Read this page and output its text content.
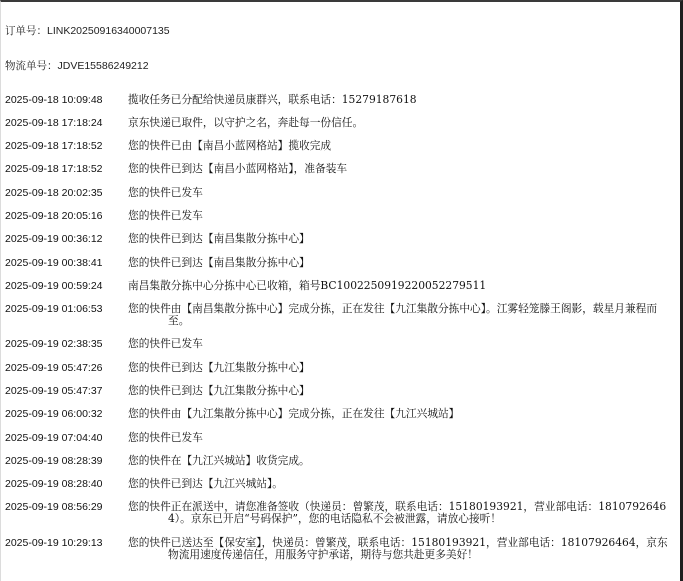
订单号：LINK20250916340007135
物流单号：JDVE15586249212
2025-09-18 10:09:48	揽收任务已分配给快递员康群兴，联系电话：15279187618
2025-09-18 17:18:24	京东快递已取件，以守护之名，奔赴每一份信任。
2025-09-18 17:18:52	您的快件已由【南昌小蓝网格站】揽收完成
2025-09-18 17:18:52	您的快件已到达【南昌小蓝网格站】，准备装车
2025-09-18 20:02:35	您的快件已发车
2025-09-18 20:05:16	您的快件已发车
2025-09-19 00:36:12	您的快件已到达【南昌集散分拣中心】
2025-09-19 00:38:41	您的快件已到达【南昌集散分拣中心】
2025-09-19 00:59:24	南昌集散分拣中心分拣中心已收箱，箱号BC1002250919220052279511
2025-09-19 01:06:53	您的快件由【南昌集散分拣中心】完成分拣，正在发往【九江集散分拣中心】。江雾轻笼滕王阁影，载星月兼程而至。
2025-09-19 02:38:35	您的快件已发车
2025-09-19 05:47:26	您的快件已到达【九江集散分拣中心】
2025-09-19 05:47:37	您的快件已到达【九江集散分拣中心】
2025-09-19 06:00:32	您的快件由【九江集散分拣中心】完成分拣，正在发往【九江兴城站】
2025-09-19 07:04:40	您的快件已发车
2025-09-19 08:28:39	您的快件在【九江兴城站】收货完成。
2025-09-19 08:28:40	您的快件已到达【九江兴城站】。
2025-09-19 08:56:29	您的快件正在派送中，请您准备签收（快递员：曾繁茂，联系电话：15180193921，营业部电话：18107926464）。京东已开启“号码保护”，您的电话隐私不会被泄露，请放心接听！
2025-09-19 10:29:13	您的快件已送达至【保安室】，快递员：曾繁茂，联系电话：15180193921，营业部电话：18107926464，京东物流用速度传递信任，用服务守护承诺，期待与您共赴更多美好！
